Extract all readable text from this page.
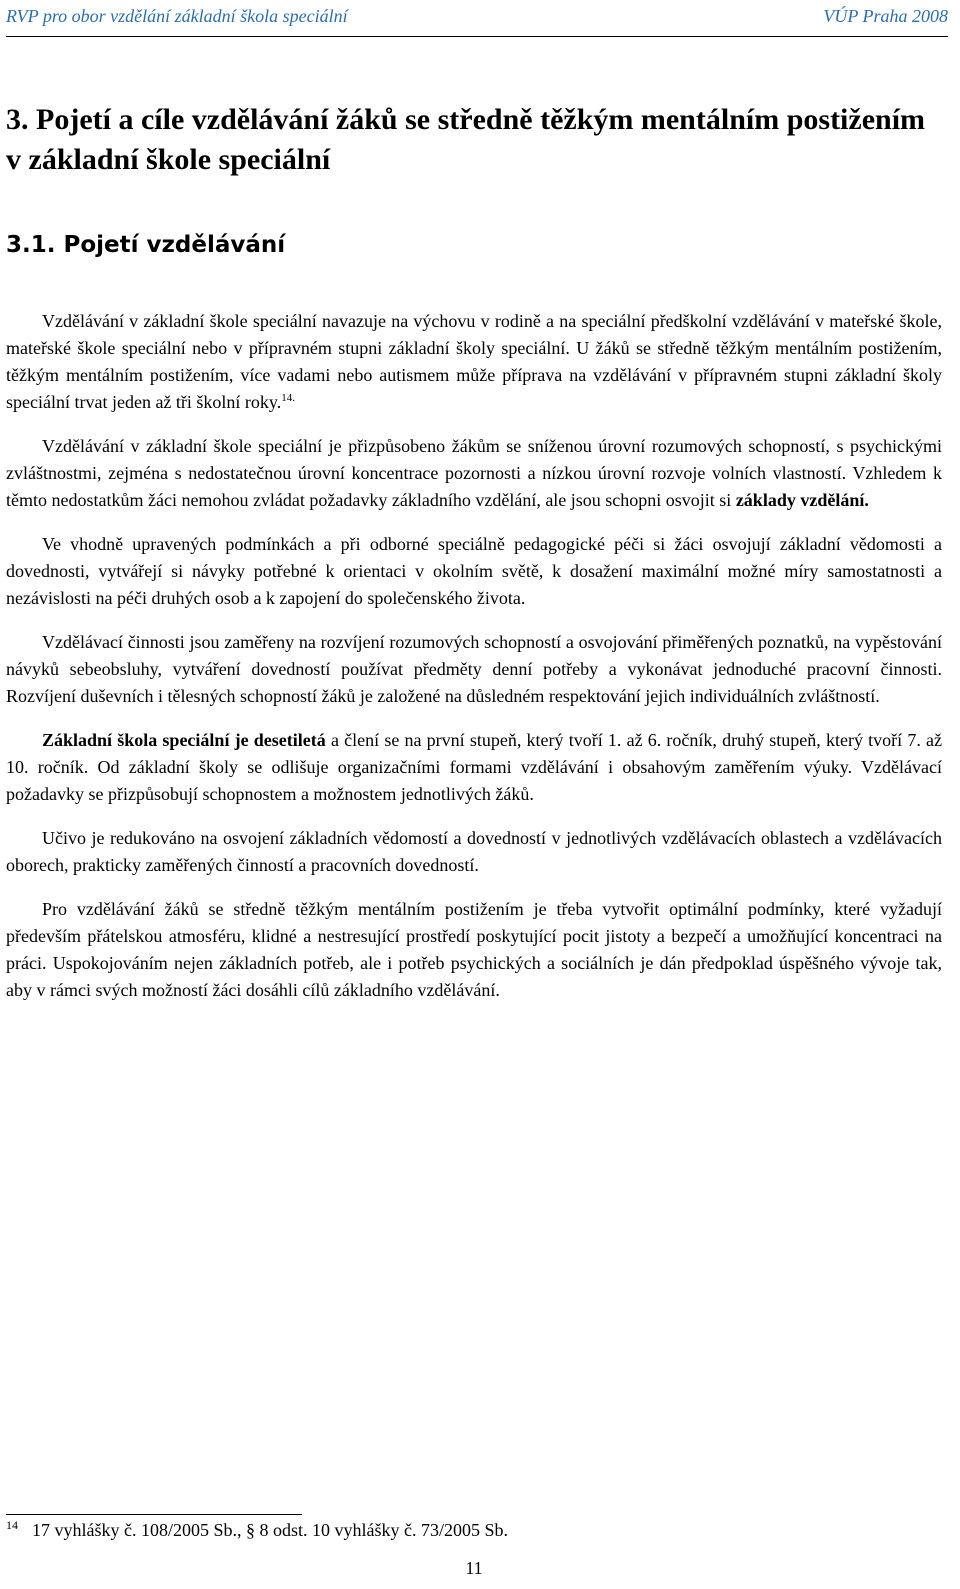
RVP pro obor vzdělání základní škola speciální	VÚP Praha 2008
3. Pojetí a cíle vzdělávání žáků se středně těžkým mentálním postižením v základní škole speciální
3.1. Pojetí vzdělávání

Vzdělávání v základní škole speciální navazuje na výchovu v rodině a na speciální předškolní vzdělávání v mateřské škole, mateřské škole speciální nebo v přípravném stupni základní školy speciální. U žáků se středně těžkým mentálním postižením, těžkým mentálním postižením, více vadami nebo autismem může příprava na vzdělávání v přípravném stupni základní školy speciální trvat jeden až tři školní roky.$^{14.}$

Vzdělávání v základní škole speciální je přizpůsobeno žákům se sníženou úrovní rozumových schopností, s psychickými zvláštnostmi, zejména s nedostatečnou úrovní koncentrace pozornosti a nízkou úrovní rozvoje volních vlastností. Vzhledem k těmto nedostatkům žáci nemohou zvládat požadavky základního vzdělání, ale jsou schopni osvojit si základy vzdělání.

Ve vhodně upravených podmínkách a při odborné speciálně pedagogické péči si žáci osvojují základní vědomosti a dovednosti, vytvářejí si návyky potřebné k orientaci v okolním světě, k dosažení maximální možné míry samostatnosti a nezávislosti na péči druhých osob a k zapojení do společenského života.

Vzdělávací činnosti jsou zaměřeny na rozvíjení rozumových schopností a osvojování přiměřených poznatků, na vypěstování návyků sebeobsluhy, vytváření dovedností používat předměty denní potřeby a vykonávat jednoduché pracovní činnosti. Rozvíjení duševních i tělesných schopností žáků je založené na důsledném respektování jejich individuálních zvláštností.

Základní škola speciální je desetiletá a člení se na první stupeň, který tvoří 1. až 6. ročník, druhý stupeň, který tvoří 7. až 10. ročník. Od základní školy se odlišuje organizačními formami vzdělávání i obsahovým zaměřením výuky. Vzdělávací požadavky se přizpůsobují schopnostem a možnostem jednotlivých žáků.

Učivo je redukováno na osvojení základních vědomostí a dovedností v jednotlivých vzdělávacích oblastech a vzdělávacích oborech, prakticky zaměřených činností a pracovních dovedností.

Pro vzdělávání žáků se středně těžkým mentálním postižením je třeba vytvořit optimální podmínky, které vyžadují především přátelskou atmosféru, klidné a nestresující prostředí poskytující pocit jistoty a bezpečí a umožňující koncentraci na práci. Uspokojováním nejen základních potřeb, ale i potřeb psychických a sociálních je dán předpoklad úspěšného vývoje tak, aby v rámci svých možností žáci dosáhli cílů základního vzdělávání.

$^{14}$ 17 vyhlášky č. 108/2005 Sb., § 8 odst. 10 vyhlášky č. 73/2005 Sb.
11
